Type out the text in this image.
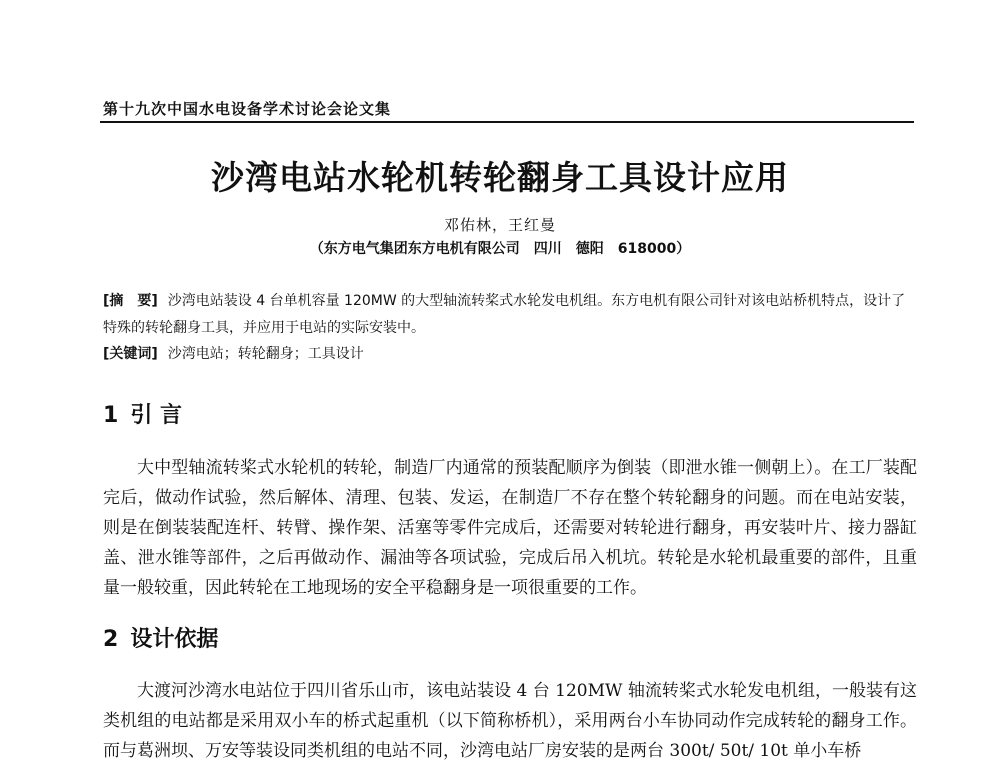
第十九次中国水电设备学术讨论会论文集
沙湾电站水轮机转轮翻身工具设计应用
邓佑林，王红曼
（东方电气集团东方电机有限公司　四川　德阳　618000）
[摘　要] 沙湾电站装设 4 台单机容量 120MW 的大型轴流转桨式水轮发电机组。东方电机有限公司针对该电站桥机特点，设计了特殊的转轮翻身工具，并应用于电站的实际安装中。
[关键词] 沙湾电站；转轮翻身；工具设计
1 引 言
大中型轴流转桨式水轮机的转轮，制造厂内通常的预装配顺序为倒装（即泄水锥一侧朝上）。在工厂装配完后，做动作试验，然后解体、清理、包装、发运，在制造厂不存在整个转轮翻身的问题。而在电站安装，则是在倒装装配连杆、转臂、操作架、活塞等零件完成后，还需要对转轮进行翻身，再安装叶片、接力器缸盖、泄水锥等部件，之后再做动作、漏油等各项试验，完成后吊入机坑。转轮是水轮机最重要的部件，且重量一般较重，因此转轮在工地现场的安全平稳翻身是一项很重要的工作。
2 设计依据
大渡河沙湾水电站位于四川省乐山市，该电站装设 4 台 120MW 轴流转桨式水轮发电机组，一般装有这类机组的电站都是采用双小车的桥式起重机（以下简称桥机），采用两台小车协同动作完成转轮的翻身工作。而与葛洲坝、万安等装设同类机组的电站不同，沙湾电站厂房安装的是两台 300t/ 50t/ 10t 单小车桥
